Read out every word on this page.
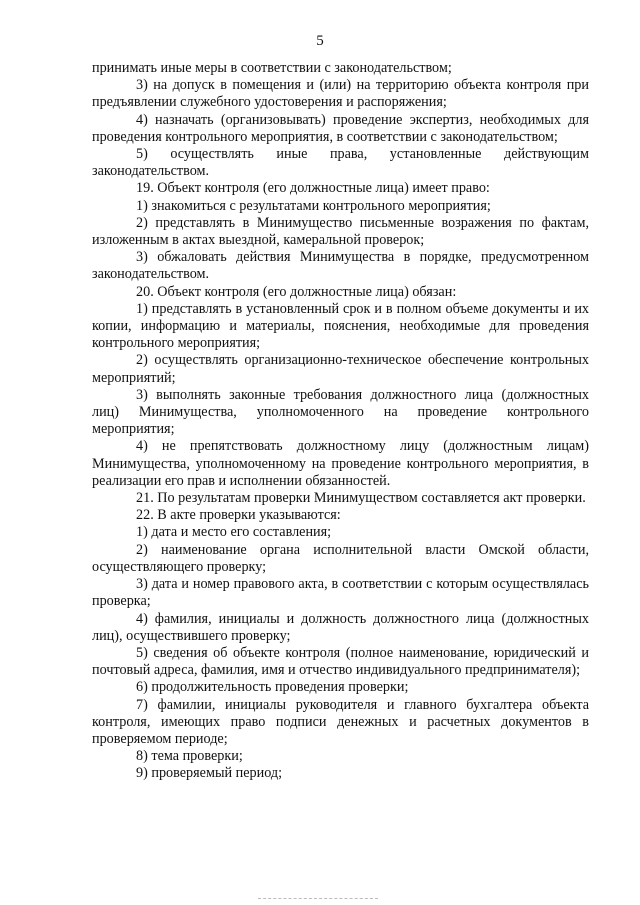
5

принимать иные меры в соответствии с законодательством;

3) на допуск в помещения и (или) на территорию объекта контроля при предъявлении служебного удостоверения и распоряжения;

4) назначать (организовывать) проведение экспертиз, необходимых для проведения контрольного мероприятия, в соответствии с законодательством;

5) осуществлять иные права, установленные действующим законодательством.

19. Объект контроля (его должностные лица) имеет право:

1) знакомиться с результатами контрольного мероприятия;

2) представлять в Минимущество письменные возражения по фактам, изложенным в актах выездной, камеральной проверок;

3) обжаловать действия Минимущества в порядке, предусмотренном законодательством.

20. Объект контроля (его должностные лица) обязан:

1) представлять в установленный срок и в полном объеме документы и их копии, информацию и материалы, пояснения, необходимые для проведения контрольного мероприятия;

2) осуществлять организационно-техническое обеспечение контрольных мероприятий;

3) выполнять законные требования должностного лица (должностных лиц) Минимущества, уполномоченного на проведение контрольного мероприятия;

4) не препятствовать должностному лицу (должностным лицам) Минимущества, уполномоченному на проведение контрольного мероприятия, в реализации его прав и исполнении обязанностей.

21. По результатам проверки Минимуществом составляется акт проверки.

22. В акте проверки указываются:

1) дата и место его составления;

2) наименование органа исполнительной власти Омской области, осуществляющего проверку;

3) дата и номер правового акта, в соответствии с которым осуществлялась проверка;

4) фамилия, инициалы и должность должностного лица (должностных лиц), осуществившего проверку;

5) сведения об объекте контроля (полное наименование, юридический и почтовый адреса, фамилия, имя и отчество индивидуального предпринимателя);

6) продолжительность проведения проверки;

7) фамилии, инициалы руководителя и главного бухгалтера объекта контроля, имеющих право подписи денежных и расчетных документов в проверяемом периоде;

8) тема проверки;

9) проверяемый период;
